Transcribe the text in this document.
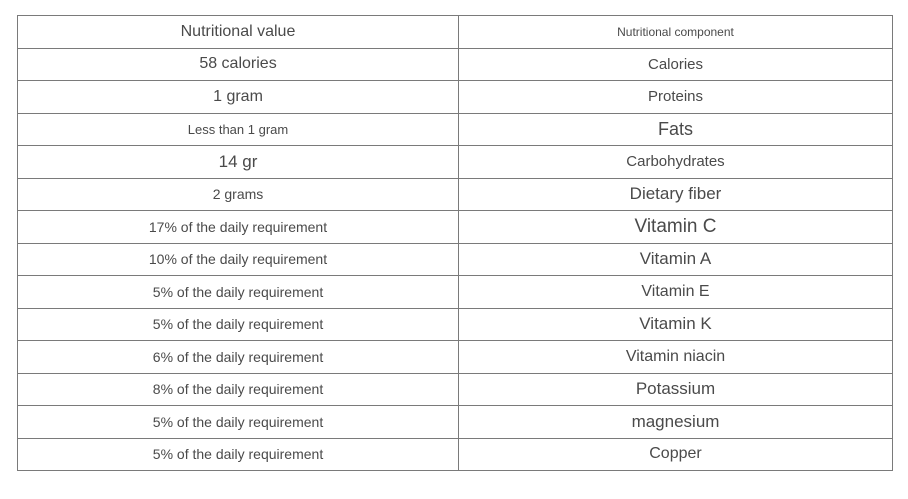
Nutritional value	Nutritional component
58 calories	Calories
1 gram	Proteins
Less than 1 gram	Fats
14 gr	Carbohydrates
2 grams	Dietary fiber
17% of the daily requirement	Vitamin C
10% of the daily requirement	Vitamin A
5% of the daily requirement	Vitamin E
5% of the daily requirement	Vitamin K
6% of the daily requirement	Vitamin niacin
8% of the daily requirement	Potassium
5% of the daily requirement	magnesium
5% of the daily requirement	Copper
